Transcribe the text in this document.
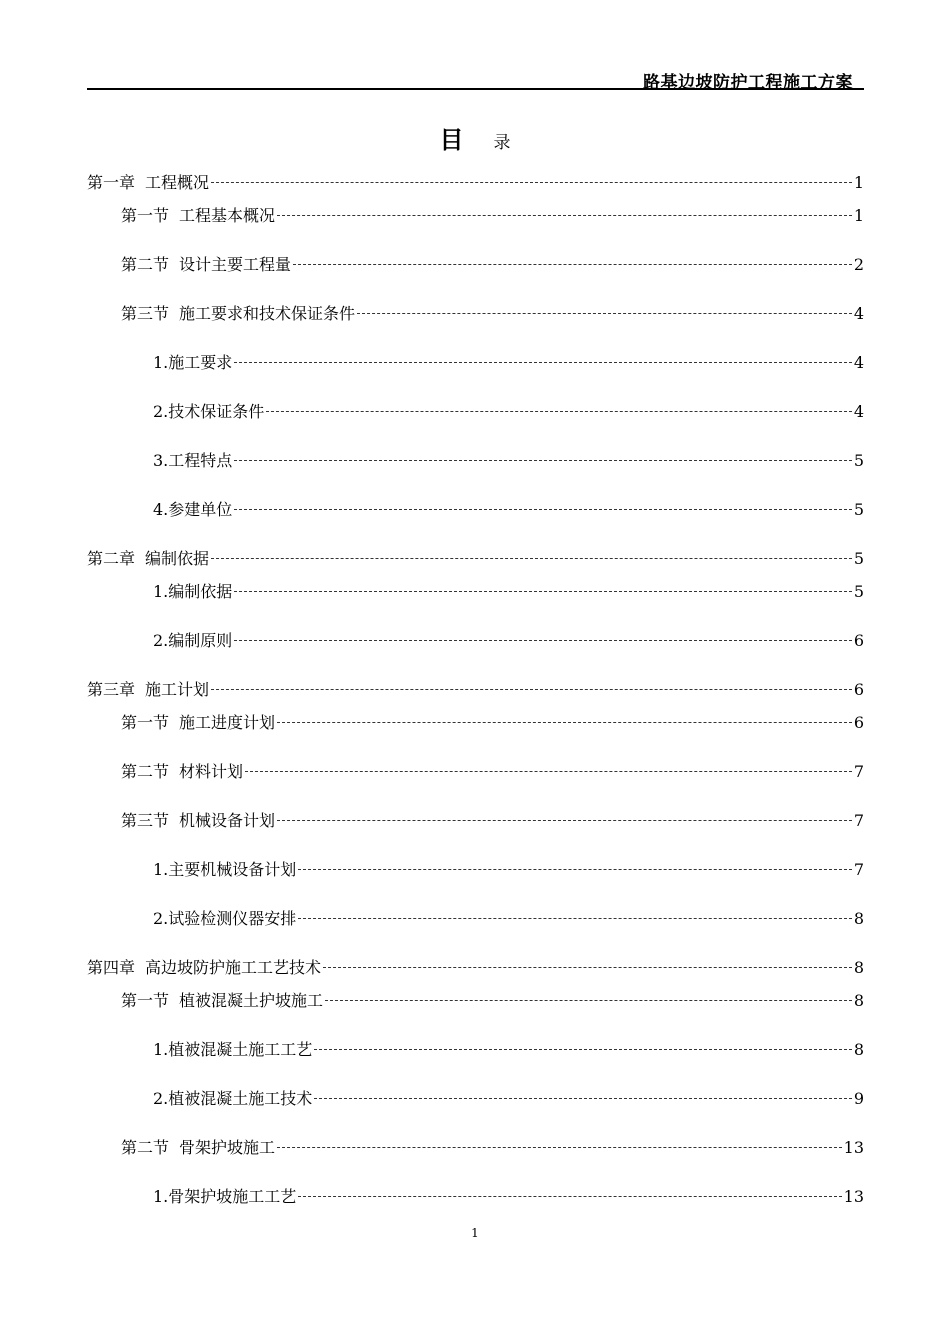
路基边坡防护工程施工方案
目 录
第一章 工程概况	1
第一节 工程基本概况	1
第二节 设计主要工程量	2
第三节 施工要求和技术保证条件	4
1.施工要求	4
2.技术保证条件	4
3.工程特点	5
4.参建单位	5
第二章 编制依据	5
1.编制依据	5
2.编制原则	6
第三章 施工计划	6
第一节 施工进度计划	6
第二节 材料计划	7
第三节 机械设备计划	7
1.主要机械设备计划	7
2.试验检测仪器安排	8
第四章 高边坡防护施工工艺技术	8
第一节 植被混凝土护坡施工	8
1.植被混凝土施工工艺	8
2.植被混凝土施工技术	9
第二节 骨架护坡施工	13
1.骨架护坡施工工艺	13
1
